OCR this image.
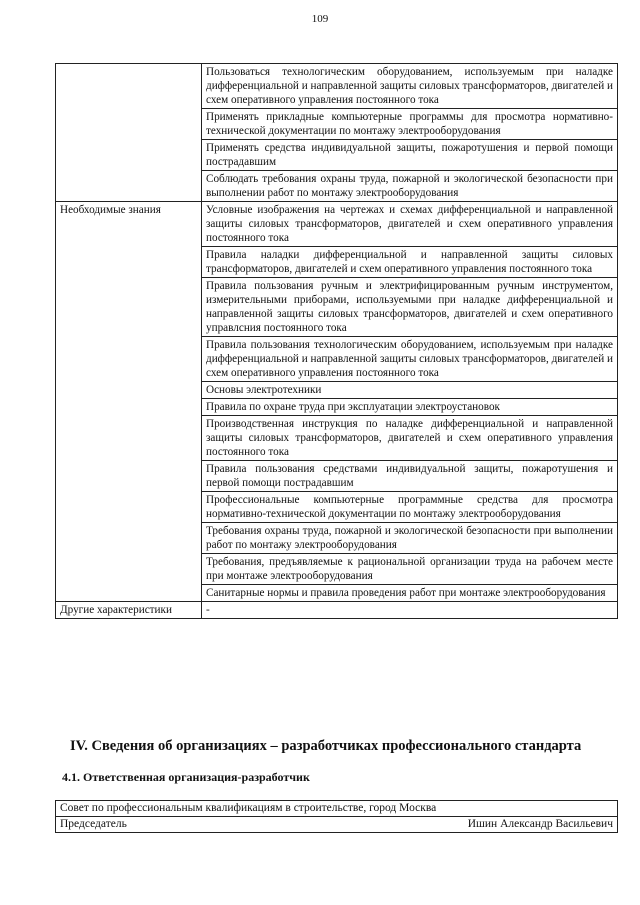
109
	Пользоваться технологическим оборудованием, используемым при наладке дифференциальной и направленной защиты силовых трансформаторов, двигателей и схем оперативного управления постоянного тока
	Применять прикладные компьютерные программы для просмотра нормативно-технической документации по монтажу электрооборудования
	Применять средства индивидуальной защиты, пожаротушения и первой помощи пострадавшим
	Соблюдать требования охраны труда, пожарной и экологической безопасности при выполнении работ по монтажу электрооборудования
Необходимые знания	Условные изображения на чертежах и схемах дифференциальной и направленной защиты силовых трансформаторов, двигателей и схем оперативного управления постоянного тока
	Правила наладки дифференциальной и направленной защиты силовых трансформаторов, двигателей и схем оперативного управления постоянного тока
	Правила пользования ручным и электрифицированным ручным инструментом, измерительными приборами, используемыми при наладке дифференциальной и направленной защиты силовых трансформаторов, двигателей и схем оперативного управлсния постоянного тока
	Правила пользования технологическим оборудованием, используемым при наладке дифференциальной и направленной защиты силовых трансформаторов, двигателей и схем оперативного управления постоянного тока
	Основы электротехники
	Правила по охране труда при эксплуатации электроустановок
	Производственная инструкция по наладке дифференциальной и направленной защиты силовых трансформаторов, двигателей и схем оперативного управления постоянного тока
	Правила пользования средствами индивидуальной защиты, пожаротушения и первой помощи пострадавшим
	Профессиональные компьютерные программные средства для просмотра нормативно-технической документации по монтажу электрооборудования
	Требования охраны труда, пожарной и экологической безопасности при выполнении работ по монтажу электрооборудования
	Требования, предъявляемые к рациональной организации труда на рабочем месте при монтаже электрооборудования
	Санитарные нормы и правила проведения работ при монтаже электрооборудования
Другие характеристики	-
IV. Сведения об организациях – разработчиках профессионального стандарта
4.1. Ответственная организация-разработчик
Совет по профессиональным квалификациям в строительстве, город Москва

Председатель	Ишин Александр Васильевич
